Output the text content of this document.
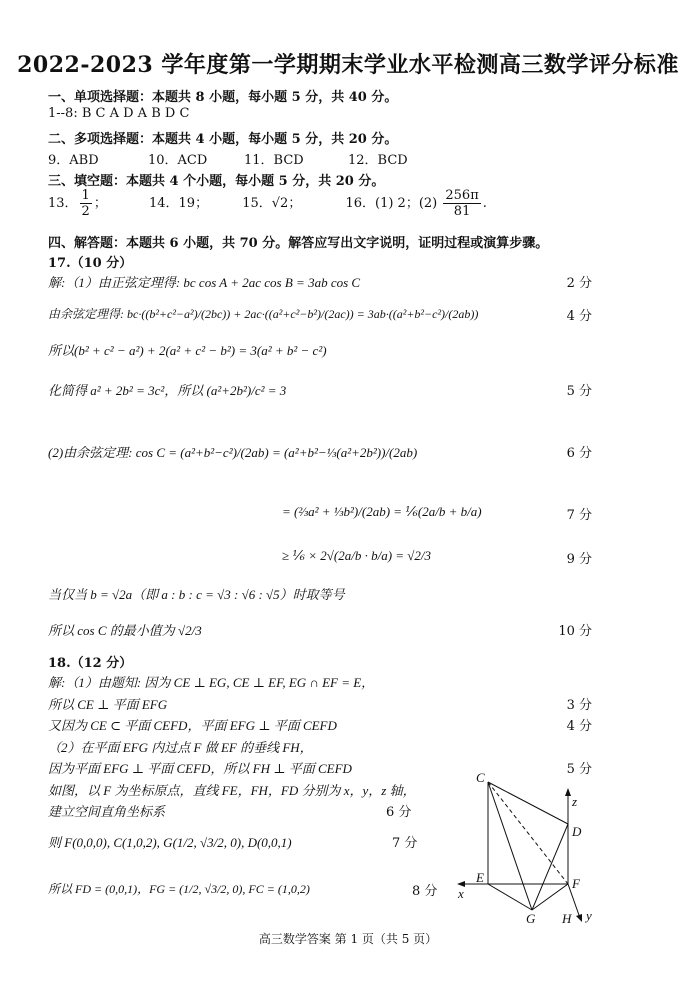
2022-2023 学年度第一学期期末学业水平检测高三数学评分标准
一、单项选择题：本题共 8 小题，每小题 5 分，共 40 分。
1--8: B C A D A B D C
二、多项选择题：本题共 4 小题，每小题 5 分，共 20 分。
9．ABD	10．ACD	11．BCD	12．BCD
三、填空题：本题共 4 个小题，每小题 5 分，共 20 分。
13． $\frac{1}{2}$ ；	14．19；	15．√2；	16．(1) 2；$(2) \frac{256\pi}{81}$ .
四、解答题：本题共 6 小题，共 70 分。解答应写出文字说明，证明过程或演算步骤。
17.（10 分）
解:（1）由正弦定理得: bc cos A + 2ac cos B = 3ab cos C	2 分
由余弦定理得: bc·((b²+c²−a²)/(2bc)) + 2ac·((a²+c²−b²)/(2ac)) = 3ab·((a²+b²−c²)/(2ab))	4 分
所以(b² + c² − a²) + 2(a² + c² − b²) = 3(a² + b² − c²)
化简得 a² + 2b² = 3c²，所以 (a²+2b²)/c² = 3	5 分
(2)由余弦定理: cos C = (a²+b²−c²)/(2ab) = (a²+b²−⅓(a²+2b²))/(2ab)	6 分
= (⅔a² + ⅓b²)/(2ab) = ⅙(2a/b + b/a)	7 分
≥ ⅙ × 2√(2a/b · b/a) = √2/3	9 分
当仅当 b = √2a（即 a : b : c = √3 : √6 : √5）时取等号
所以 cos C 的最小值为 √2/3	10 分
18.（12 分）
解:（1）由题知: 因为 CE ⊥ EG, CE ⊥ EF, EG ∩ EF = E，
所以 CE ⊥ 平面 EFG	3 分
又因为 CE ⊂ 平面 CEFD，平面 EFG ⊥ 平面 CEFD	4 分
（2）在平面 EFG 内过点 F 做 EF 的垂线 FH，
因为平面 EFG ⊥ 平面 CEFD，所以 FH ⊥ 平面 CEFD	5 分
如图，以 F 为坐标原点，直线 FE，FH，FD 分别为 x，y，z 轴，
建立空间直角坐标系	6 分
则 F(0,0,0), C(1,0,2), G(1/2, √3/2, 0), D(0,0,1)	7 分
所以 FD = (0,0,1)，FG = (1/2, √3/2, 0), FC = (1,0,2)	8 分
C
z
D
E	F
x
G H y
高三数学答案 第 1 页（共 5 页）
